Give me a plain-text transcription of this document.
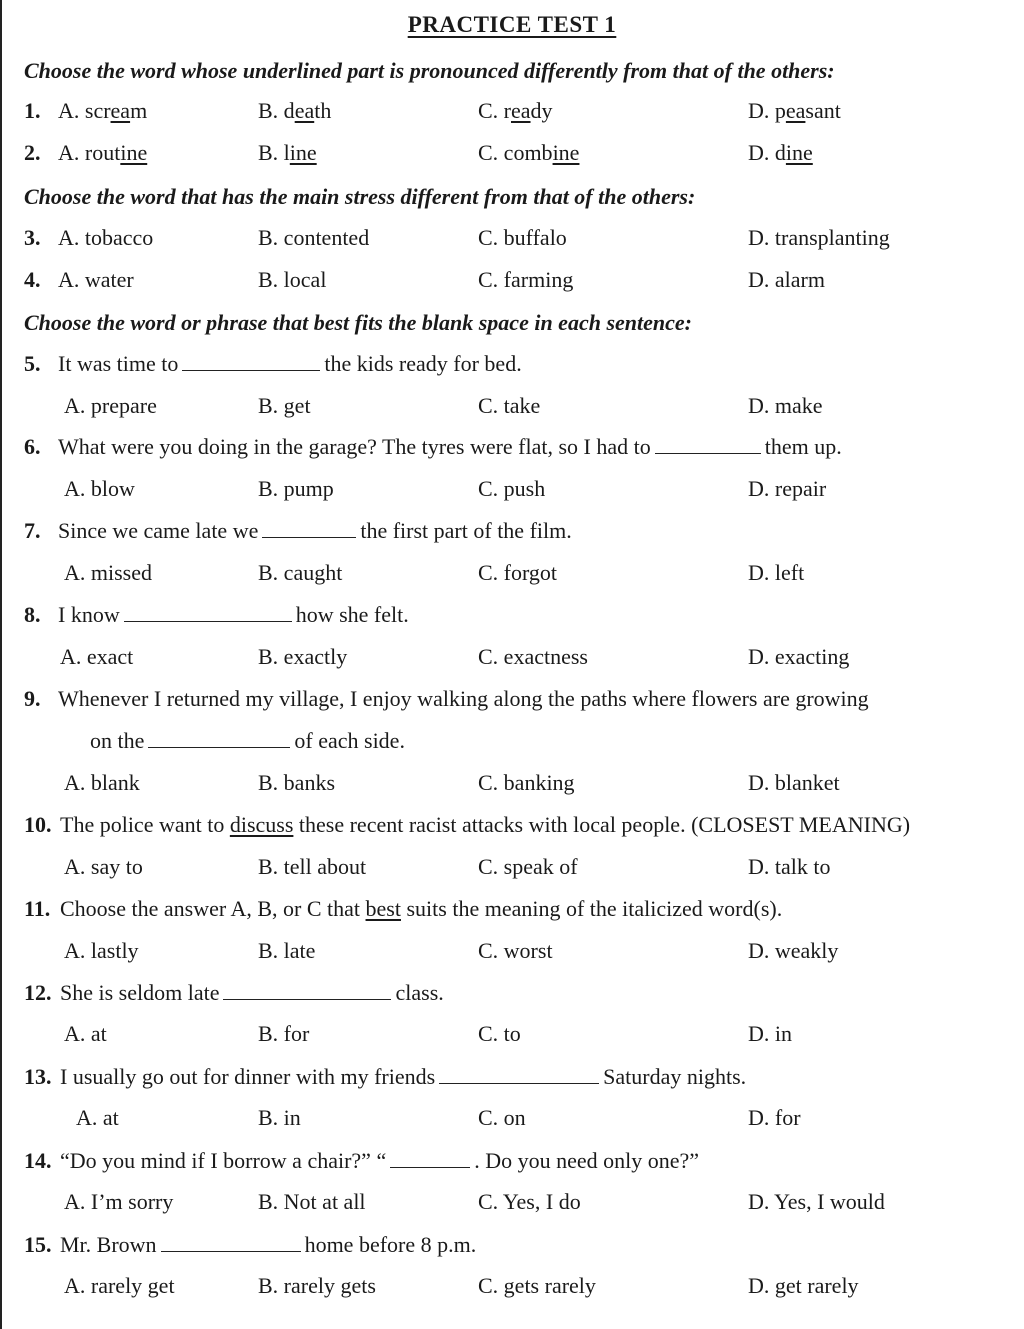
PRACTICE TEST 1
Choose the word whose underlined part is pronounced differently from that of the others:
1. A. scream	B. death	C. ready	D. peasant
2. A. routine	B. line	C. combine	D. dine
Choose the word that has the main stress different from that of the others:
3. A. tobacco	B. contented	C. buffalo	D. transplanting
4. A. water	B. local	C. farming	D. alarm
Choose the word or phrase that best fits the blank space in each sentence:
5. It was time to	the kids ready for bed.
A. prepare	B. get	C. take	D. make
6. What were you doing in the garage? The tyres were flat, so I had to	them up.
A. blow	B. pump	C. push	D. repair
7. Since we came late we	the first part of the film.
A. missed	B. caught	C. forgot	D. left
8. I know	how she felt.
A. exact	B. exactly	C. exactness	D. exacting
9. Whenever I returned my village, I enjoy walking along the paths where flowers are growing
on the	of each side.
A. blank	B. banks	C. banking	D. blanket
10. The police want to discuss these recent racist attacks with local people. (CLOSEST MEANING)
A. say to	B. tell about	C. speak of	D. talk to
11. Choose the answer A, B, or C that best suits the meaning of the italicized word(s).
A. lastly	B. late	C. worst	D. weakly
12. She is seldom late	class.
A. at	B. for	C. to	D. in
13. I usually go out for dinner with my friends	Saturday nights.
A. at	B. in	C. on	D. for
14. “Do you mind if I borrow a chair?” “	. Do you need only one?”
A. I’m sorry	B. Not at all	C. Yes, I do	D. Yes, I would
15. Mr. Brown	home before 8 p.m.
A. rarely get	B. rarely gets	C. gets rarely	D. get rarely
